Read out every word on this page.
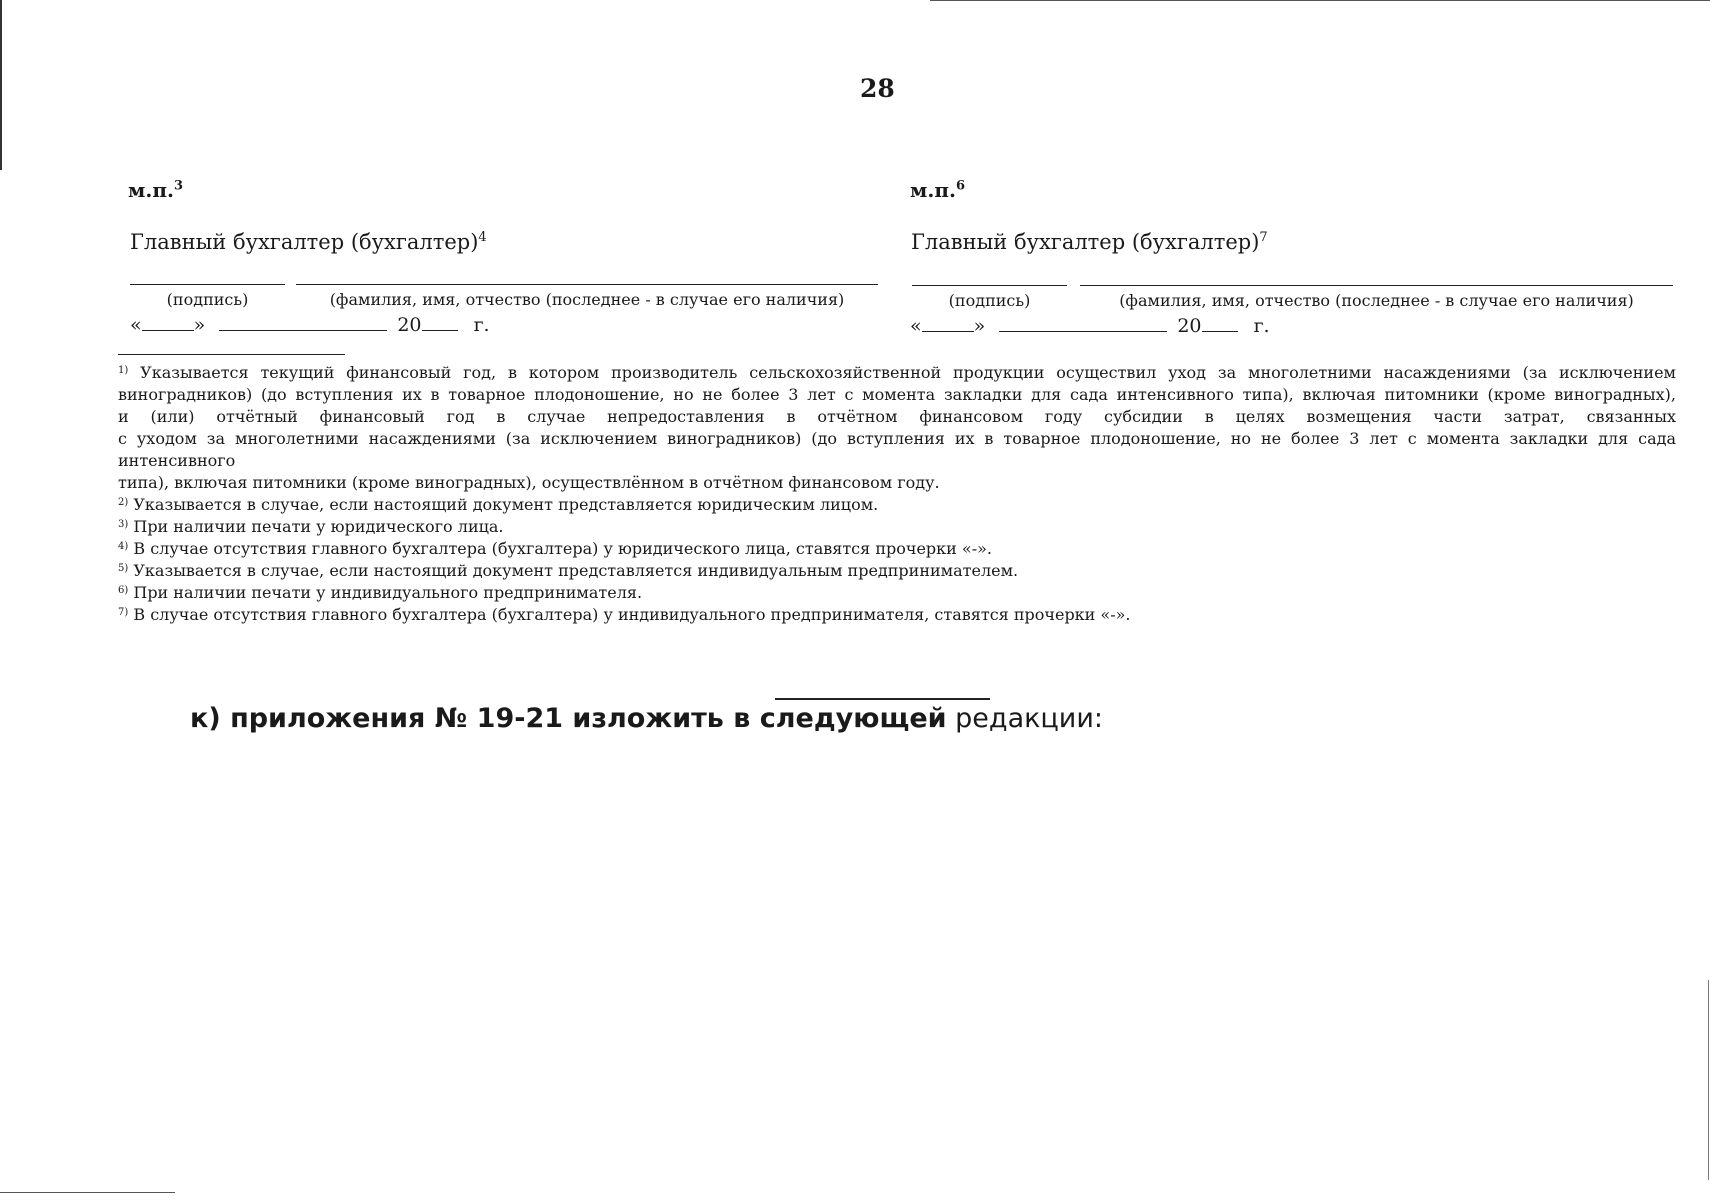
28
м.п.$^3$
Главный бухгалтер (бухгалтер)$^4$
(подпись)	(фамилия, имя, отчество (последнее - в случае его наличия)
«	»	20	г.
м.п.$^6$
Главный бухгалтер (бухгалтер)$^7$
(подпись)	(фамилия, имя, отчество (последнее - в случае его наличия)
«	»	20	г.

$^{1)}$ Указывается текущий финансовый год, в котором производитель сельскохозяйственной продукции осуществил уход за многолетними насаждениями (за исключением

виноградников) (до вступления их в товарное плодоношение, но не более 3 лет с момента закладки для сада интенсивного типа), включая питомники (кроме виноградных),

и (или) отчётный финансовый год в случае непредоставления в отчётном финансовом году субсидии в целях возмещения части затрат, связанных

с уходом за многолетними насаждениями (за исключением виноградников) (до вступления их в товарное плодоношение, но не более 3 лет с момента закладки для сада интенсивного

типа), включая питомники (кроме виноградных), осуществлённом в отчётном финансовом году.

$^{2)}$ Указывается в случае, если настоящий документ представляется юридическим лицом.

$^{3)}$ При наличии печати у юридического лица.

$^{4)}$ В случае отсутствия главного бухгалтера (бухгалтера) у юридического лица, ставятся прочерки «-».

$^{5)}$ Указывается в случае, если настоящий документ представляется индивидуальным предпринимателем.

$^{6)}$ При наличии печати у индивидуального предпринимателя.

$^{7)}$ В случае отсутствия главного бухгалтера (бухгалтера) у индивидуального предпринимателя, ставятся прочерки «-».

к) приложения № 19-21 изложить в следующей редакции:
